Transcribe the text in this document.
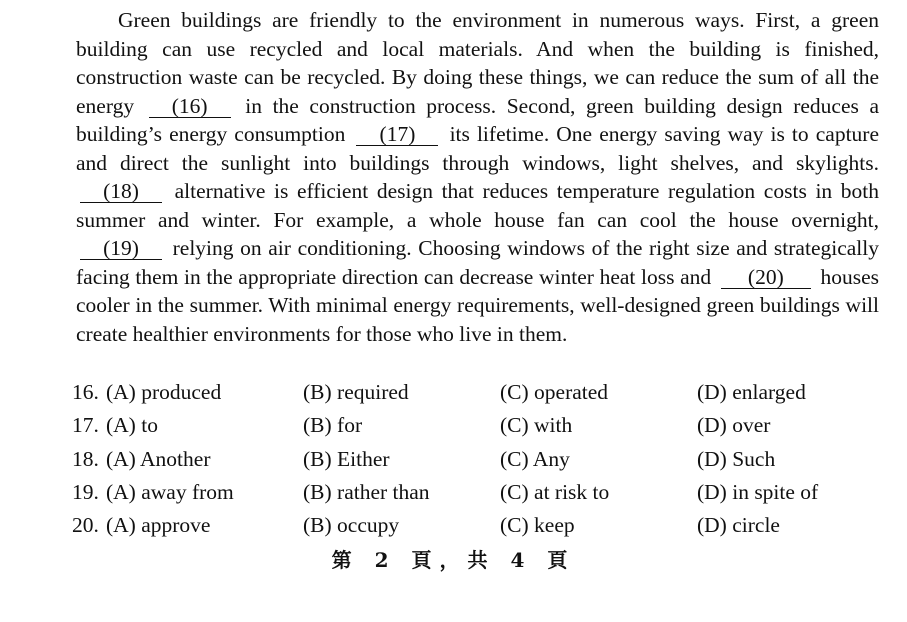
Green buildings are friendly to the environment in numerous ways. First, a green building can use recycled and local materials. And when the building is finished, construction waste can be recycled. By doing these things, we can reduce the sum of all the energy (16) in the construction process. Second, green building design reduces a building’s energy consumption (17) its lifetime. One energy saving way is to capture and direct the sunlight into buildings through windows, light shelves, and skylights. (18) alternative is efficient design that reduces temperature regulation costs in both summer and winter. For example, a whole house fan can cool the house overnight, (19) relying on air conditioning. Choosing windows of the right size and strategically facing them in the appropriate direction can decrease winter heat loss and (20) houses cooler in the summer. With minimal energy requirements, well-designed green buildings will create healthier environments for those who live in them.

16. (A) produced	(B) required	(C) operated	(D) enlarged
17. (A) to	(B) for	(C) with	(D) over
18. (A) Another	(B) Either	(C) Any	(D) Such
19. (A) away from	(B) rather than	(C) at risk to	(D) in spite of
20. (A) approve	(B) occupy	(C) keep	(D) circle
第 2 頁，共 4 頁
